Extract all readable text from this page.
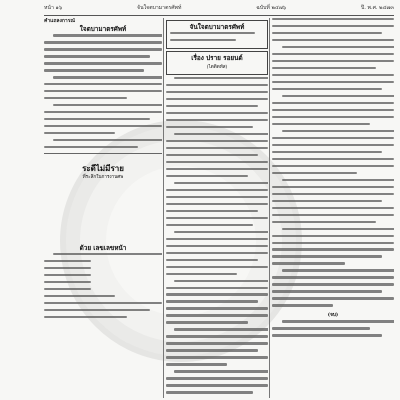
หน้า ๑๖	จันใจตบามาตรศัพท์	ฉบับที่ ๒๔๗๖	ปี. พ.ศ. ๒๔๗๓
คำแถลงการณ์
ใจตบามาตรศัพท์
ระดีไม่มีราย
ที่ระลึกในการงานศพ
ด้วย เลขเลขหน้า
จันใจตบามาตรศัพท์
เรื่อง ปราย รอยนต์
(ไตติดทัส)
(จบ)
